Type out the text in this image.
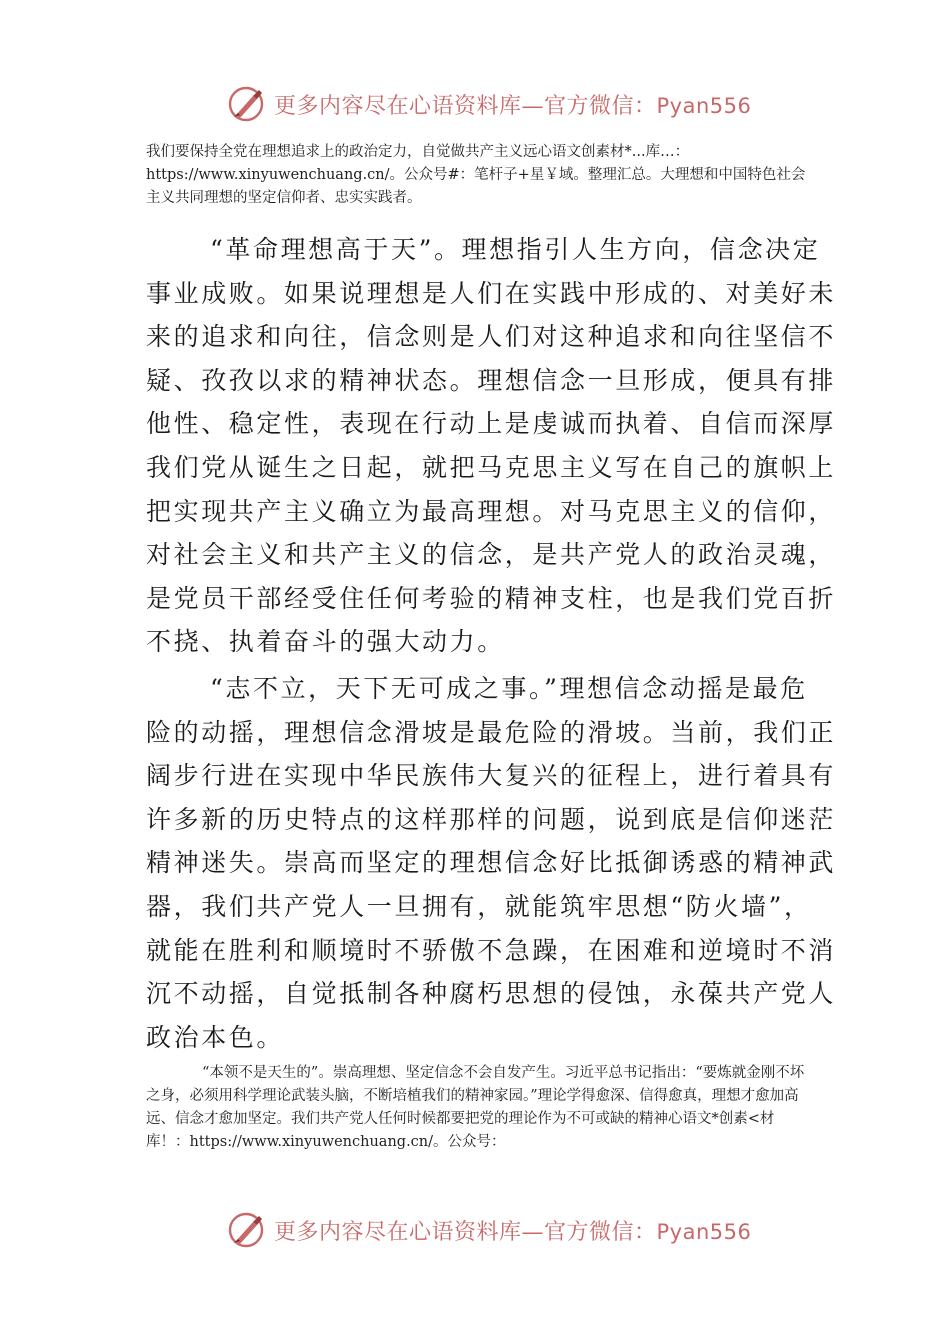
更多内容尽在心语资料库—官方微信：Pyan556

我们要保持全党在理想追求上的政治定力，自觉做共产主义远心语文创素材*...库…：https://www.xinyuwenchuang.cn/。公众号#：笔杆子+星￥域。整理汇总。大理想和中国特色社会主义共同理想的坚定信仰者、忠实实践者。

“革命理想高于天”。理想指引人生方向，信念决定

事业成败。如果说理想是人们在实践中形成的、对美好未
来的追求和向往，信念则是人们对这种追求和向往坚信不
疑、孜孜以求的精神状态。理想信念一旦形成，便具有排
他性、稳定性，表现在行动上是虔诚而执着、自信而深厚
我们党从诞生之日起，就把马克思主义写在自己的旗帜上
把实现共产主义确立为最高理想。对马克思主义的信仰，
对社会主义和共产主义的信念，是共产党人的政治灵魂，
是党员干部经受住任何考验的精神支柱，也是我们党百折
不挠、执着奋斗的强大动力。

“志不立，天下无可成之事。”理想信念动摇是最危

险的动摇，理想信念滑坡是最危险的滑坡。当前，我们正
阔步行进在实现中华民族伟大复兴的征程上，进行着具有
许多新的历史特点的这样那样的问题，说到底是信仰迷茫
精神迷失。崇高而坚定的理想信念好比抵御诱惑的精神武
器，我们共产党人一旦拥有，就能筑牢思想“防火墙”，
就能在胜利和顺境时不骄傲不急躁，在困难和逆境时不消
沉不动摇，自觉抵制各种腐朽思想的侵蚀，永葆共产党人
政治本色。

“本领不是天生的”。崇高理想、坚定信念不会自发产生。习近平总书记指出：“要炼就金刚不坏之身，必须用科学理论武装头脑，不断培植我们的精神家园。”理论学得愈深、信得愈真，理想才愈加高远、信念才愈加坚定。我们共产党人任何时候都要把党的理论作为不可或缺的精神心语文*创素<材库！：https://www.xinyuwenchuang.cn/。公众号：

更多内容尽在心语资料库—官方微信：Pyan556
